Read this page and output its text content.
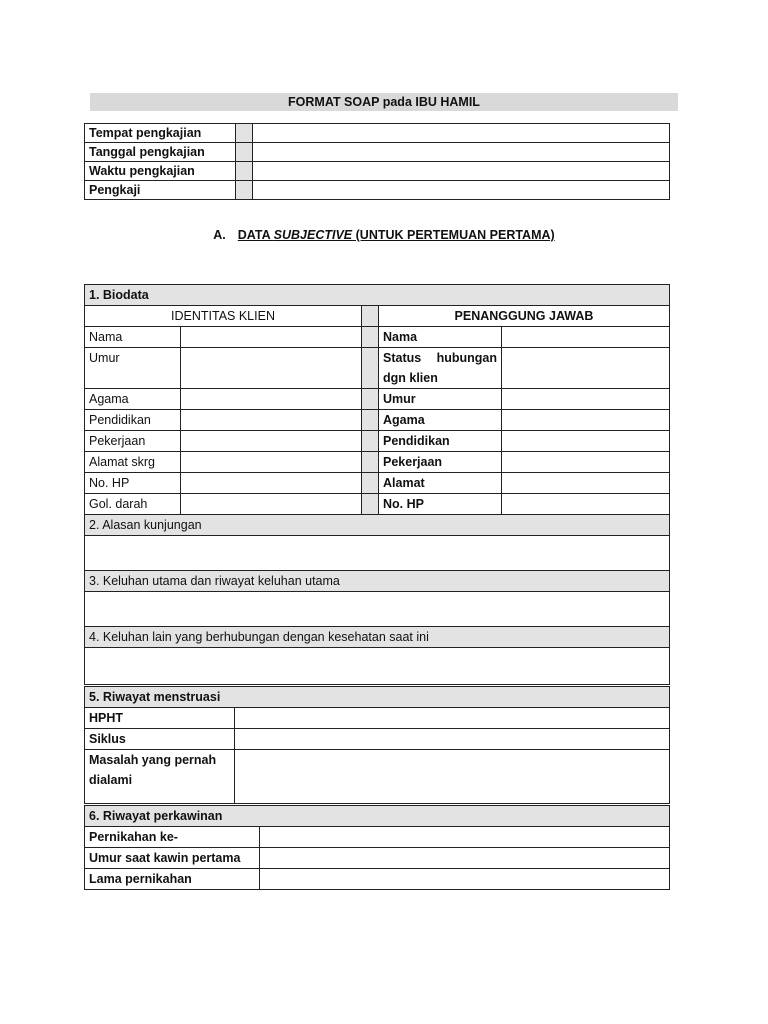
FORMAT SOAP pada IBU HAMIL
Tempat pengkajian		
Tanggal pengkajian		
Waktu pengkajian		
Pengkaji		
A. DATA SUBJECTIVE (UNTUK PERTEMUAN PERTAMA)
1. Biodata				
IDENTITAS KLIEN			PENANGGUNG JAWAB	
Nama			Nama	
Umur			Status hubungan dgn klien	
Agama			Umur	
Pendidikan			Agama	
Pekerjaan			Pendidikan	
Alamat skrg			Pekerjaan	
No. HP			Alamat	
Gol. darah			No. HP	
2. Alasan kunjungan				

3. Keluhan utama dan riwayat keluhan utama				

4. Keluhan lain yang berhubungan dengan kesehatan saat ini				

5. Riwayat menstruasi	
HPHT	
Siklus	
Masalah yang pernah dialami	
6. Riwayat perkawinan	
Pernikahan ke-	
Umur saat kawin pertama	
Lama pernikahan	
